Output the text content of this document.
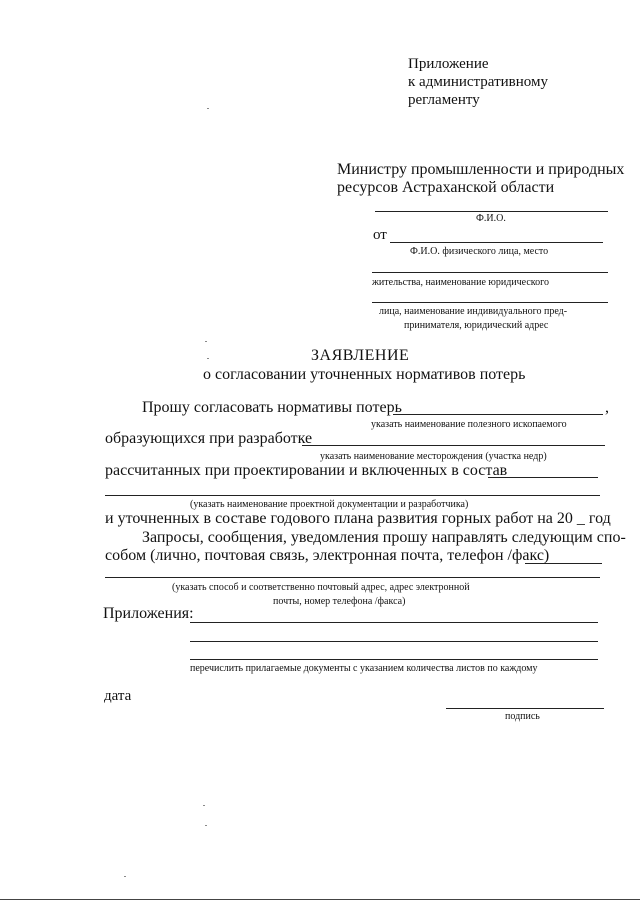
Приложение
к административному
регламенту
Министру промышленности и природных
ресурсов Астраханской области
Ф.И.О.
от
Ф.И.О. физического лица, место
жительства, наименование юридического
лица, наименование индивидуального пред-
принимателя, юридический адрес
ЗАЯВЛЕНИЕ
о согласовании уточненных нормативов потерь
Прошу согласовать нормативы потерь	,
указать наименование полезного ископаемого
образующихся при разработке
указать наименование месторождения (участка недр)
рассчитанных при проектировании и включенных в состав
(указать наименование проектной документации и разработчика)
и уточненных в составе годового плана развития горных работ на 20 _ год
Запросы, сообщения, уведомления прошу направлять следующим спо-
собом (лично, почтовая связь, электронная почта, телефон /факс)
(указать способ и соответственно почтовый адрес, адрес электронной
почты, номер телефона /факса)
Приложения:
перечислить прилагаемые документы с указанием количества листов по каждому
дата
подпись
